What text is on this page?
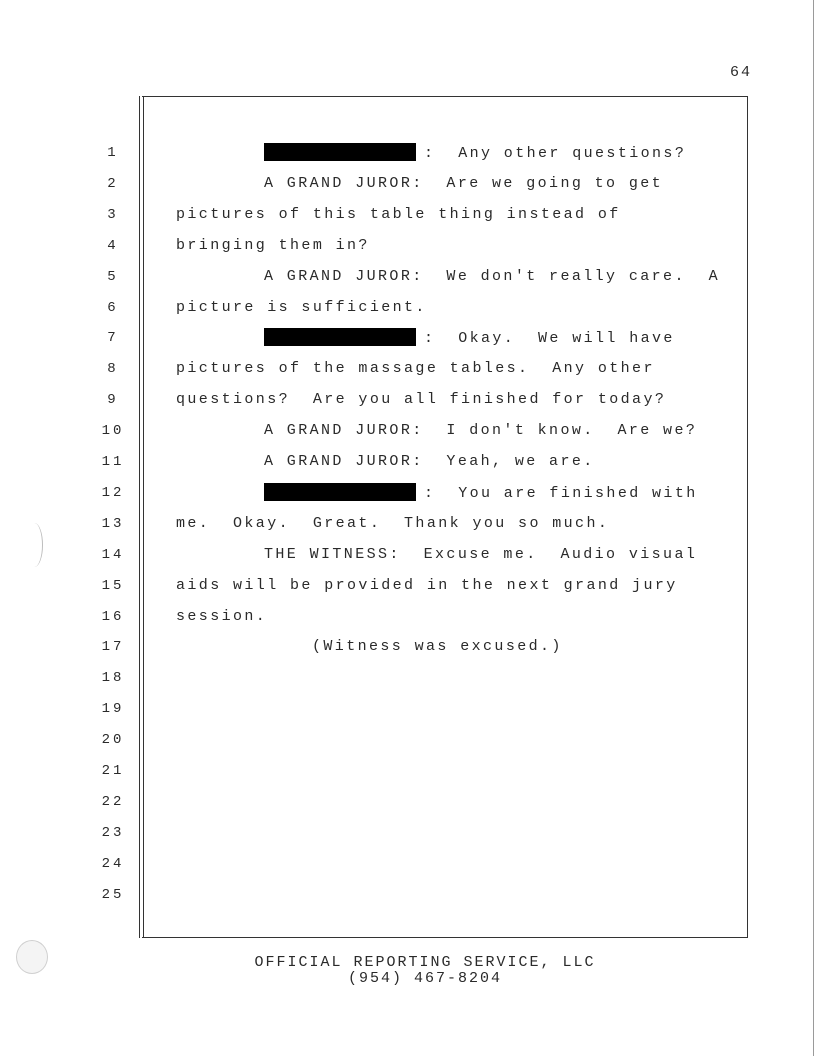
64
1
2
3
4
5
6
7
8
9
10
11
12
13
14
15
16
17
18
19
20
21
22
23
24
25
:  Any other questions?
A GRAND JUROR:  Are we going to get
pictures of this table thing instead of
bringing them in?
A GRAND JUROR:  We don't really care.  A
picture is sufficient.
:  Okay.  We will have
pictures of the massage tables.  Any other
questions?  Are you all finished for today?
A GRAND JUROR:  I don't know.  Are we?
A GRAND JUROR:  Yeah, we are.
:  You are finished with
me.  Okay.  Great.  Thank you so much.
THE WITNESS:  Excuse me.  Audio visual
aids will be provided in the next grand jury
session.
(Witness was excused.)
OFFICIAL REPORTING SERVICE, LLC
(954) 467-8204
